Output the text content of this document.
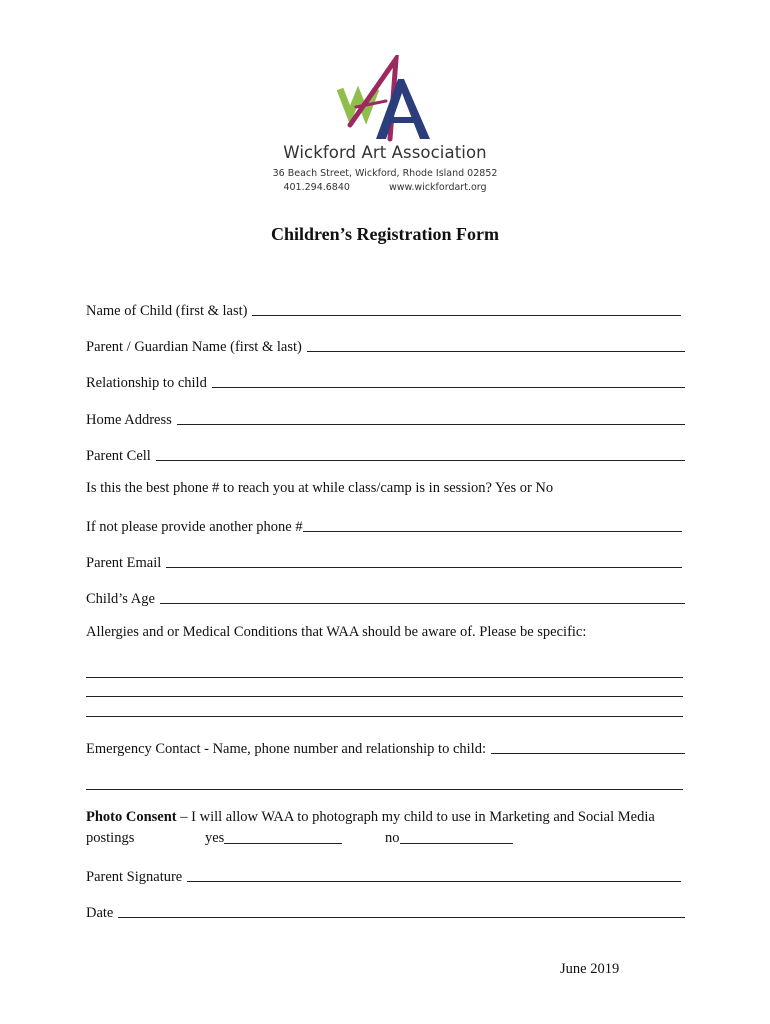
Wickford Art Association
36 Beach Street, Wickford, Rhode Island 02852
401.294.6840	www.wickfordart.org
Children’s Registration Form
Name of Child (first & last)
Parent / Guardian Name (first & last)
Relationship to child
Home Address
Parent Cell
Is this the best phone # to reach you at while class/camp is in session? Yes or No
If not please provide another phone #
Parent Email
Child’s Age
Allergies and or Medical Conditions that WAA should be aware of. Please be specific:
Emergency Contact - Name, phone number and relationship to child:
Photo Consent – I will allow WAA to photograph my child to use in Marketing and Social Media
postings	yes	no
Parent Signature
Date
June 2019
